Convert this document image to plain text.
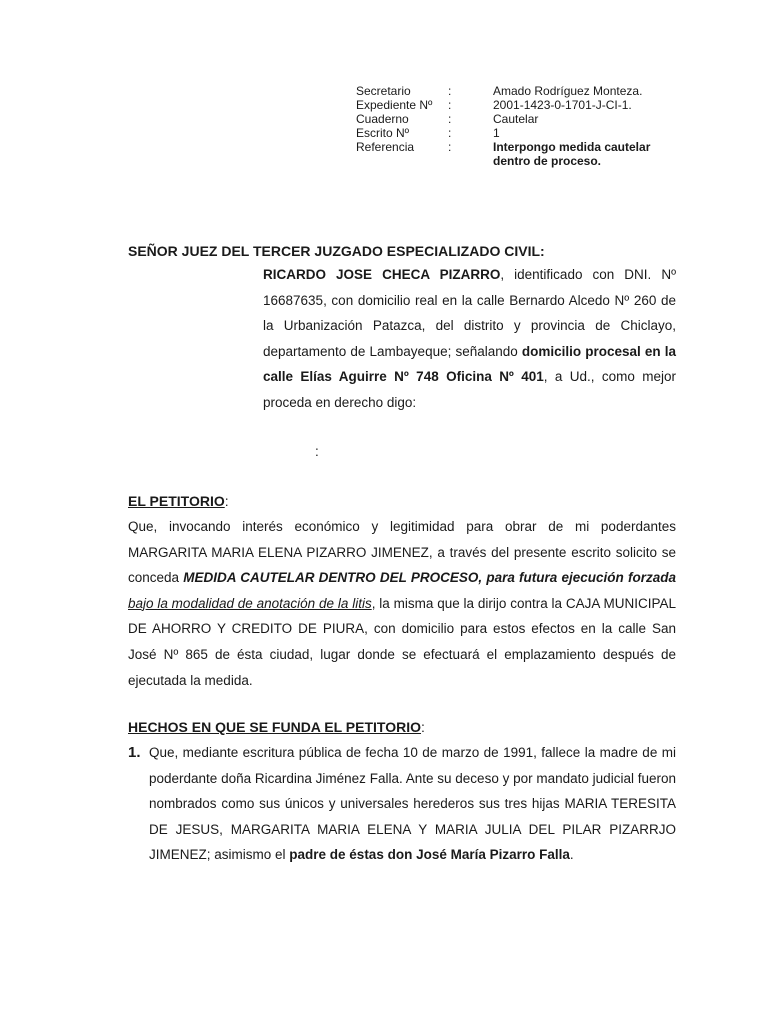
Secretario	:	Amado Rodríguez Monteza.
Expediente Nº	:	2001-1423-0-1701-J-CI-1.
Cuaderno	:	Cautelar
Escrito Nº	:	1
Referencia	:	Interpongo medida cautelar
dentro de proceso.
SEÑOR JUEZ DEL TERCER JUZGADO ESPECIALIZADO CIVIL:
RICARDO JOSE CHECA PIZARRO, identificado con DNI. Nº 16687635, con domicilio real en la calle Bernardo Alcedo Nº 260 de la Urbanización Patazca, del distrito y provincia de Chiclayo, departamento de Lambayeque; señalando domicilio procesal en la calle Elías Aguirre Nº 748 Oficina Nº 401, a Ud., como mejor proceda en derecho digo:
:
EL PETITORIO:
Que, invocando interés económico y legitimidad para obrar de mi poderdantes MARGARITA MARIA ELENA PIZARRO JIMENEZ, a través del presente escrito solicito se conceda MEDIDA CAUTELAR DENTRO DEL PROCESO, para futura ejecución forzada bajo la modalidad de anotación de la litis, la misma que la dirijo contra la CAJA MUNICIPAL DE AHORRO Y CREDITO DE PIURA, con domicilio para estos efectos en la calle San José Nº 865 de ésta ciudad, lugar donde se efectuará el emplazamiento después de ejecutada la medida.
HECHOS EN QUE SE FUNDA EL PETITORIO:
1. Que, mediante escritura pública de fecha 10 de marzo de 1991, fallece la madre de mi poderdante doña Ricardina Jiménez Falla. Ante su deceso y por mandato judicial fueron nombrados como sus únicos y universales herederos sus tres hijas MARIA TERESITA DE JESUS, MARGARITA MARIA ELENA Y MARIA JULIA DEL PILAR PIZARRJO JIMENEZ; asimismo el padre de éstas don José María Pizarro Falla.
